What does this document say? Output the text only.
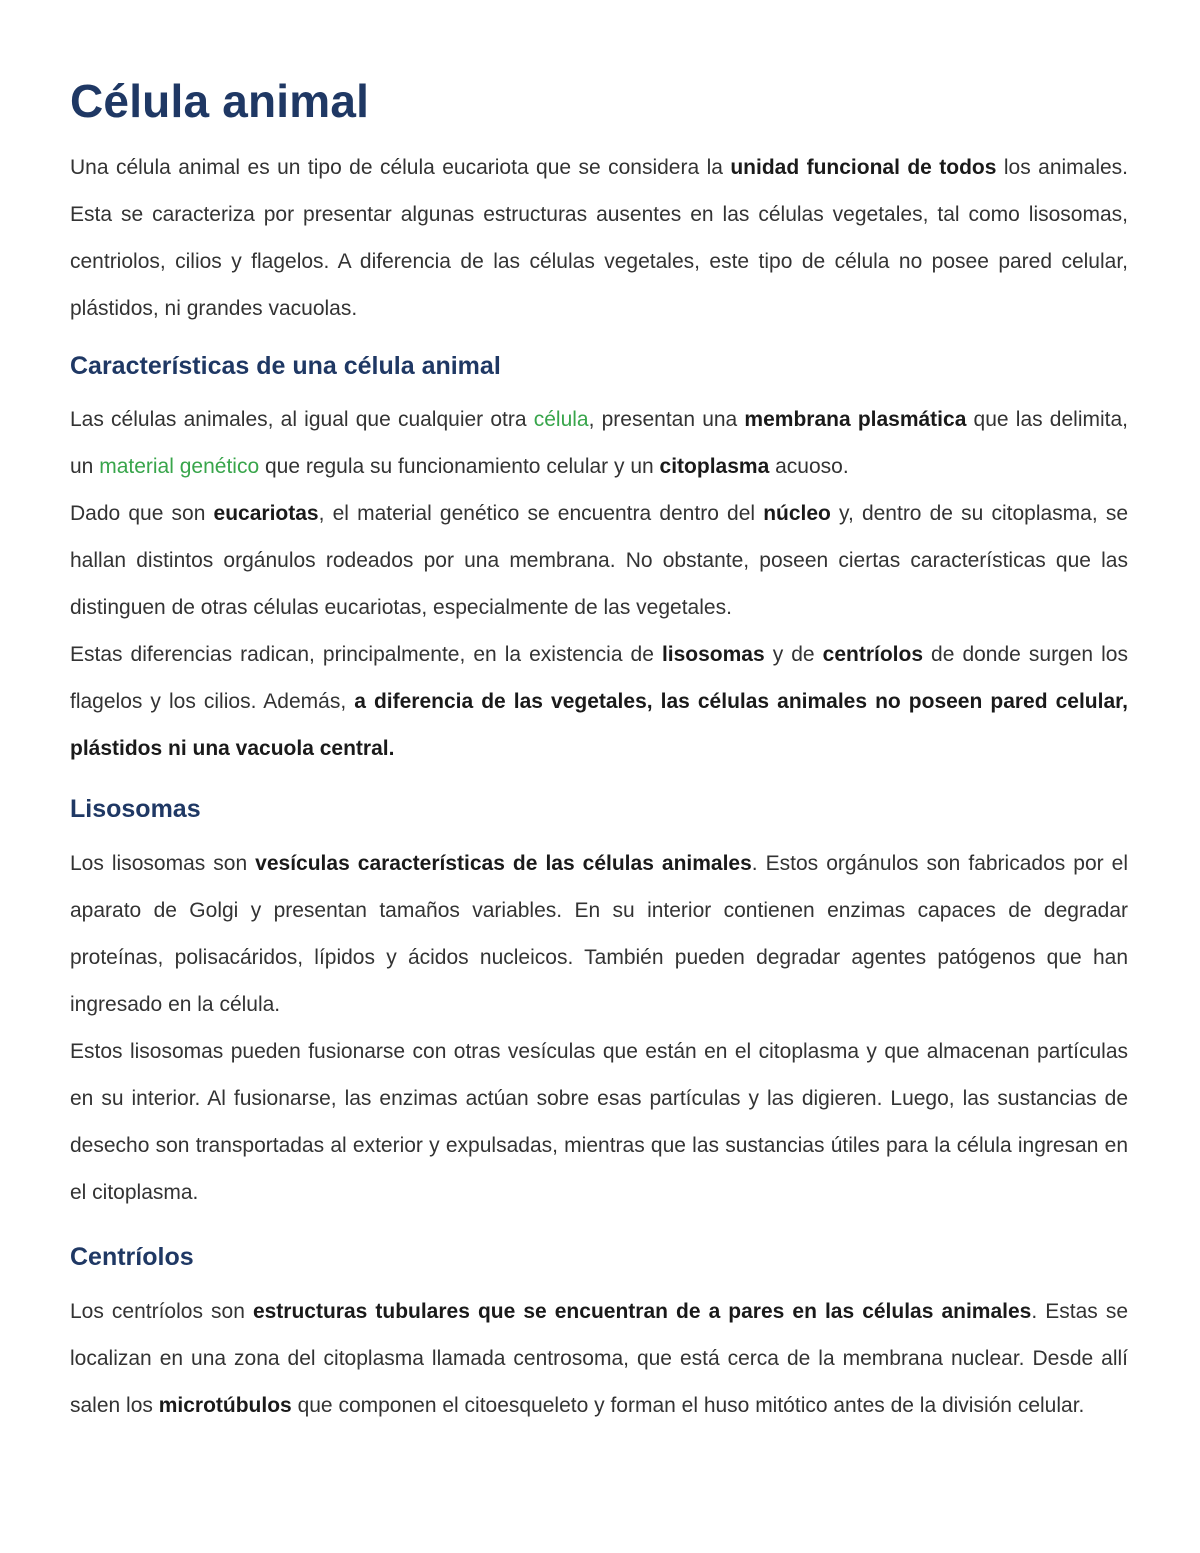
Célula animal

Una célula animal es un tipo de célula eucariota que se considera la unidad funcional de todos los animales. Esta se caracteriza por presentar algunas estructuras ausentes en las células vegetales, tal como lisosomas, centriolos, cilios y flagelos. A diferencia de las células vegetales, este tipo de célula no posee pared celular, plástidos, ni grandes vacuolas.

Características de una célula animal

Las células animales, al igual que cualquier otra célula, presentan una membrana plasmática que las delimita, un material genético que regula su funcionamiento celular y un citoplasma acuoso.

Dado que son eucariotas, el material genético se encuentra dentro del núcleo y, dentro de su citoplasma, se hallan distintos orgánulos rodeados por una membrana. No obstante, poseen ciertas características que las distinguen de otras células eucariotas, especialmente de las vegetales.

Estas diferencias radican, principalmente, en la existencia de lisosomas y de centríolos de donde surgen los flagelos y los cilios. Además, a diferencia de las vegetales, las células animales no poseen pared celular, plástidos ni una vacuola central.

Lisosomas

Los lisosomas son vesículas características de las células animales. Estos orgánulos son fabricados por el aparato de Golgi y presentan tamaños variables. En su interior contienen enzimas capaces de degradar proteínas, polisacáridos, lípidos y ácidos nucleicos. También pueden degradar agentes patógenos que han ingresado en la célula.

Estos lisosomas pueden fusionarse con otras vesículas que están en el citoplasma y que almacenan partículas en su interior. Al fusionarse, las enzimas actúan sobre esas partículas y las digieren. Luego, las sustancias de desecho son transportadas al exterior y expulsadas, mientras que las sustancias útiles para la célula ingresan en el citoplasma.

Centríolos

Los centríolos son estructuras tubulares que se encuentran de a pares en las células animales. Estas se localizan en una zona del citoplasma llamada centrosoma, que está cerca de la membrana nuclear. Desde allí salen los microtúbulos que componen el citoesqueleto y forman el huso mitótico antes de la división celular.
